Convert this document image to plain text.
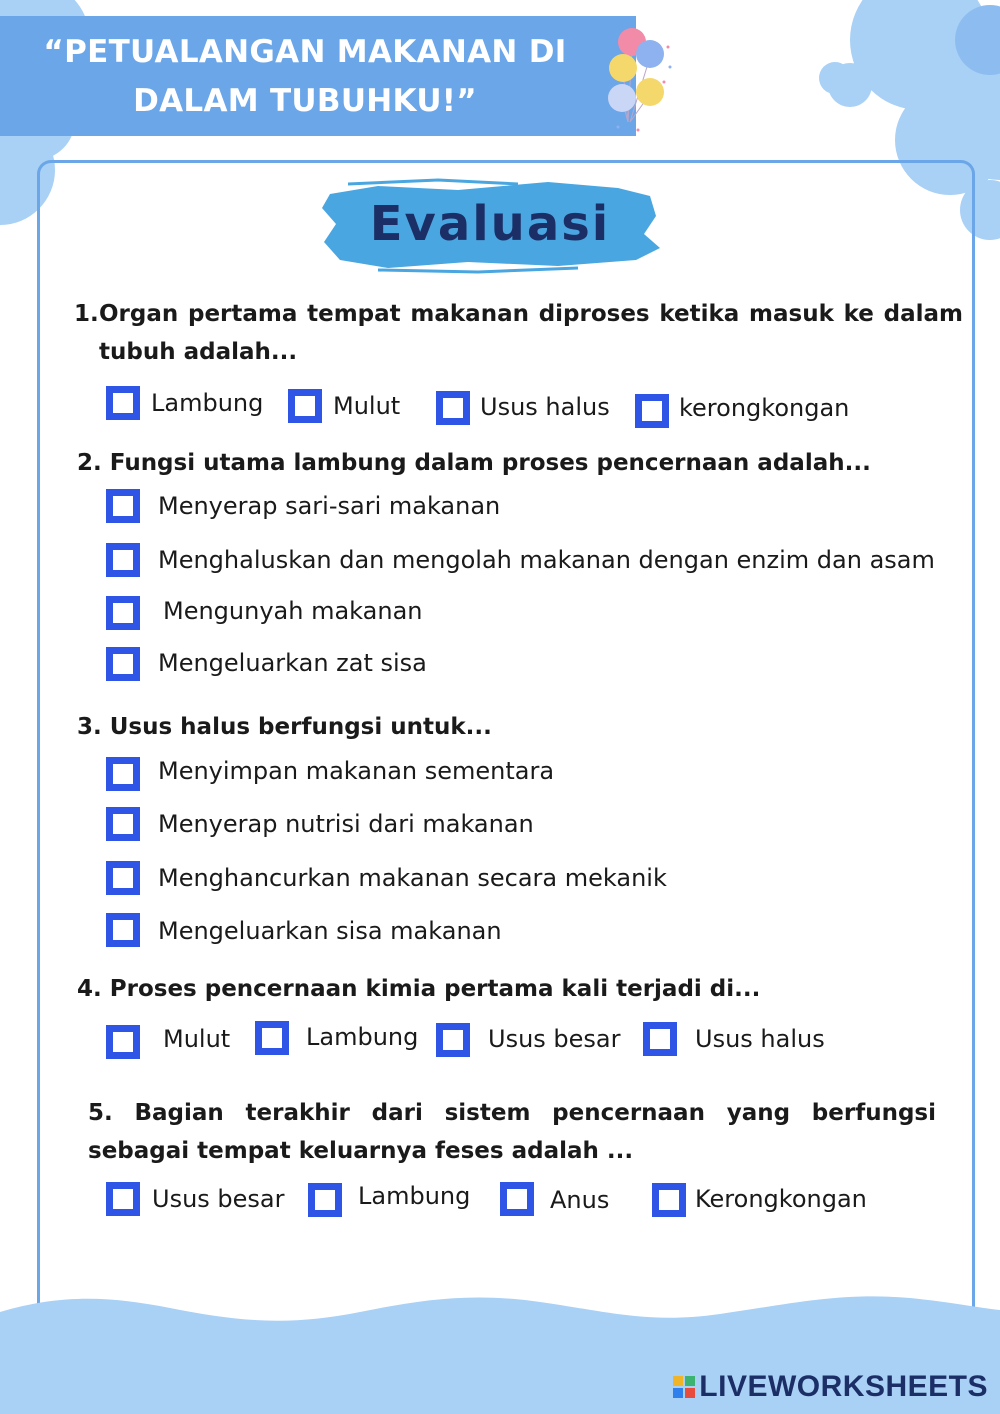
“PETUALANGAN MAKANAN DI DALAM TUBUHKU!”
Evaluasi
1. Organ pertama tempat makanan diproses ketika masuk ke dalam tubuh adalah...
Lambung	Mulut	Usus halus	kerongkongan
2. Fungsi utama lambung dalam proses pencernaan adalah...
Menyerap sari-sari makanan
Menghaluskan dan mengolah makanan dengan enzim dan asam
Mengunyah makanan
Mengeluarkan zat sisa
3. Usus halus berfungsi untuk...
Menyimpan makanan sementara
Menyerap nutrisi dari makanan
Menghancurkan makanan secara mekanik
Mengeluarkan sisa makanan
4. Proses pencernaan kimia pertama kali terjadi di...
Mulut	Lambung	Usus besar	Usus halus
5. Bagian terakhir dari sistem pencernaan yang berfungsi sebagai tempat keluarnya feses adalah ...
Usus besar	Lambung	Anus	Kerongkongan
LIVEWORKSHEETS
